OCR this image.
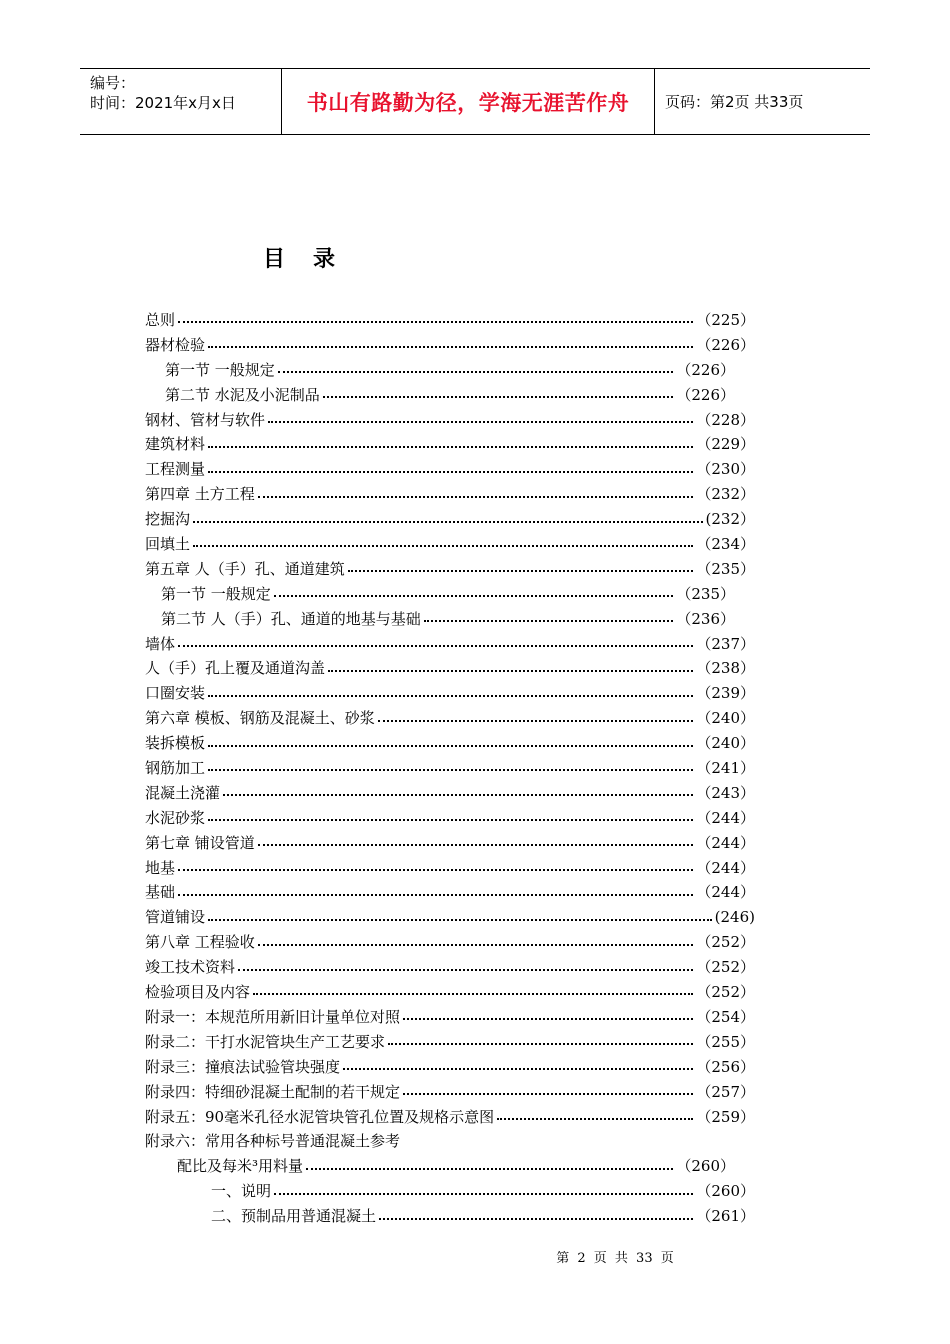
编号：
时间：2021年x月x日	书山有路勤为径，学海无涯苦作舟	页码：第2页 共33页
目录
总则	（225）
器材检验	（226）
第一节 一般规定	（226）
第二节 水泥及小泥制品	（226）
钢材、管材与软件	（228）
建筑材料	（229）
工程测量	（230）
第四章 土方工程	（232）
挖掘沟	(232）
回填土	（234）
第五章 人（手）孔、通道建筑	（235）
第一节 一般规定	（235）
第二节 人（手）孔、通道的地基与基础	（236）
墙体	（237）
人（手）孔上覆及通道沟盖	（238）
口圈安装	（239）
第六章 模板、钢筋及混凝土、砂浆	（240）
装拆模板	（240）
钢筋加工	（241）
混凝土浇灌	（243）
水泥砂浆	（244）
第七章 铺设管道	（244）
地基	（244）
基础	（244）
管道铺设	(246)
第八章 工程验收	（252）
竣工技术资料	（252）
检验项目及内容	（252）
附录一：本规范所用新旧计量单位对照	（254）
附录二：干打水泥管块生产工艺要求	（255）
附录三：撞痕法试验管块强度	（256）
附录四：特细砂混凝土配制的若干规定	（257）
附录五：90毫米孔径水泥管块管孔位置及规格示意图	（259）
附录六：常用各种标号普通混凝土参考
配比及每米³用料量	（260）
一、说明	（260）
二、预制品用普通混凝土	（261）
第 2 页 共 33 页
